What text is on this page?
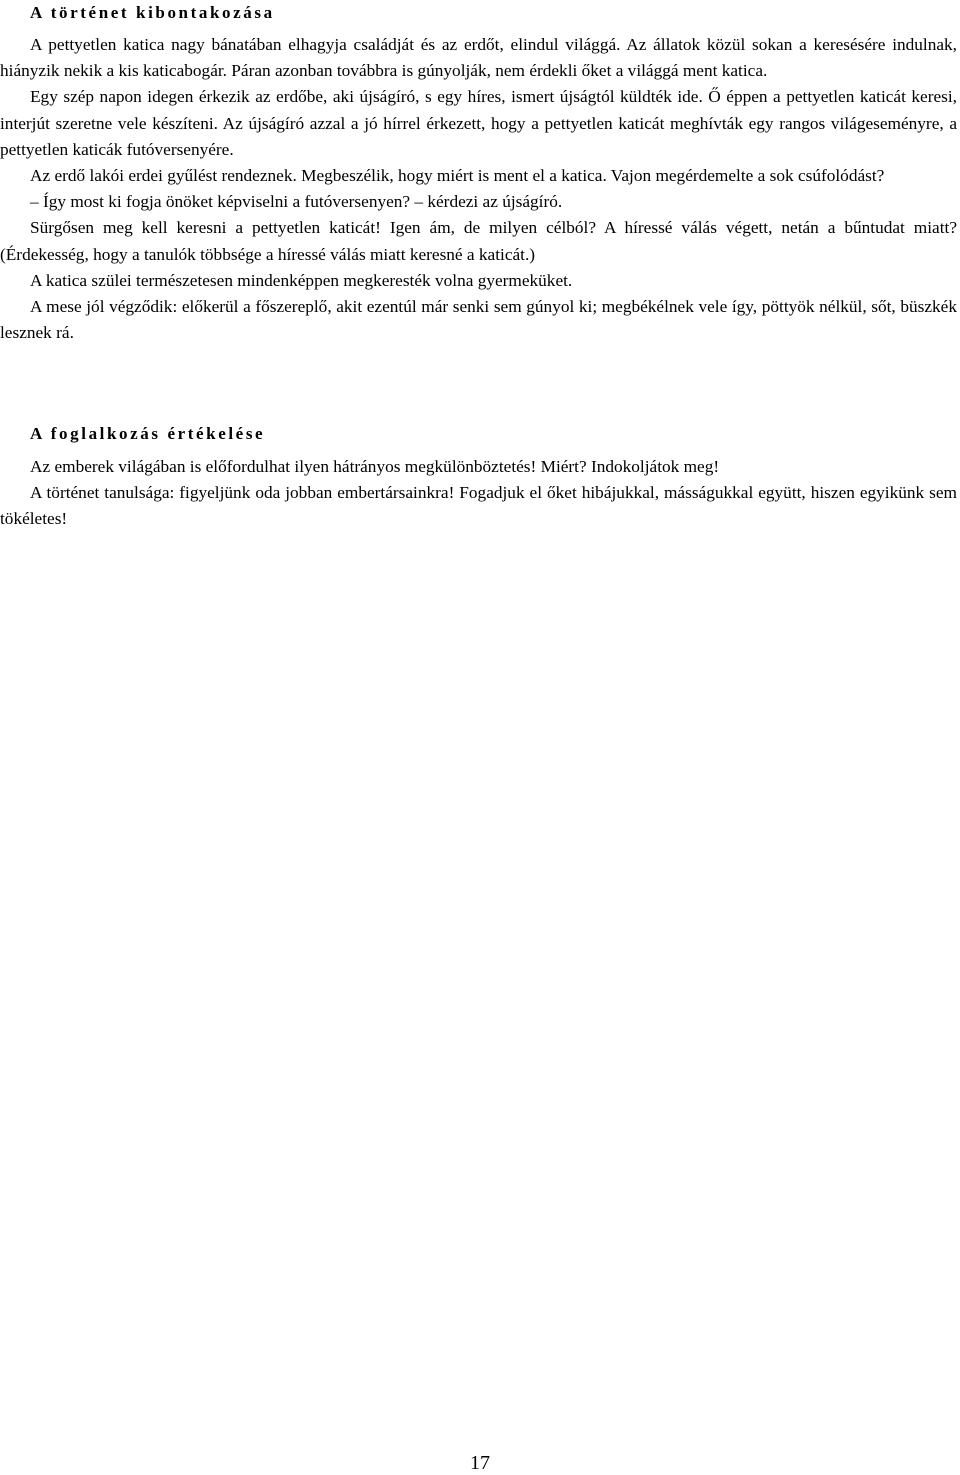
A történet kibontakozása

A pettyetlen katica nagy bánatában elhagyja családját és az erdőt, elindul világgá. Az állatok közül sokan a keresésére indulnak, hiányzik nekik a kis katicabogár. Páran azonban továbbra is gúnyolják, nem érdekli őket a világgá ment katica.

Egy szép napon idegen érkezik az erdőbe, aki újságíró, s egy híres, ismert újságtól küldték ide. Ő éppen a pettyetlen katicát keresi, interjút szeretne vele készíteni. Az újságíró azzal a jó hírrel érkezett, hogy a pettyetlen katicát meghívták egy rangos világeseményre, a pettyetlen katicák futóversenyére.

Az erdő lakói erdei gyűlést rendeznek. Megbeszélik, hogy miért is ment el a katica. Vajon megérdemelte a sok csúfolódást?

– Így most ki fogja önöket képviselni a futóversenyen? – kérdezi az újságíró.

Sürgősen meg kell keresni a pettyetlen katicát! Igen ám, de milyen célból? A híressé válás végett, netán a bűntudat miatt? (Érdekesség, hogy a tanulók többsége a híressé válás miatt keresné a katicát.)

A katica szülei természetesen mindenképpen megkeresték volna gyermeküket.

A mese jól végződik: előkerül a főszereplő, akit ezentúl már senki sem gúnyol ki; megbékélnek vele így, pöttyök nélkül, sőt, büszkék lesznek rá.

A foglalkozás értékelése

Az emberek világában is előfordulhat ilyen hátrányos megkülönböztetés! Miért? Indokoljátok meg!

A történet tanulsága: figyeljünk oda jobban embertársainkra! Fogadjuk el őket hibájukkal, másságukkal együtt, hiszen egyikünk sem tökéletes!

17
